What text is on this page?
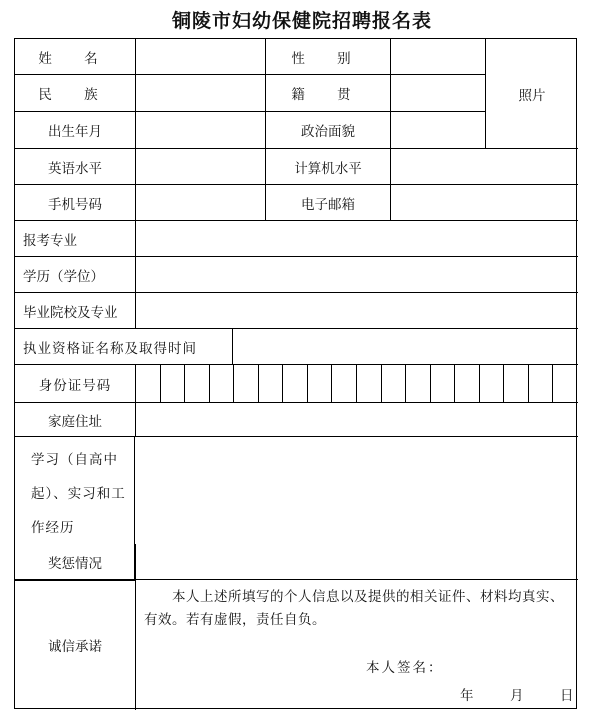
铜陵市妇幼保健院招聘报名表
姓 名	性 别
照片
民 族	籍 贯
出生年月	政治面貌
英语水平	计算机水平
手机号码	电子邮箱
报考专业
学历（学位）
毕业院校及专业
执业资格证名称及取得时间
身份证号码
家庭住址
学习（自高中起）、实习和工作经历
奖惩情况
诚信承诺
本人上述所填写的个人信息以及提供的相关证件、材料均真实、有效。若有虚假，责任自负。
本人签名：
年	月	日
